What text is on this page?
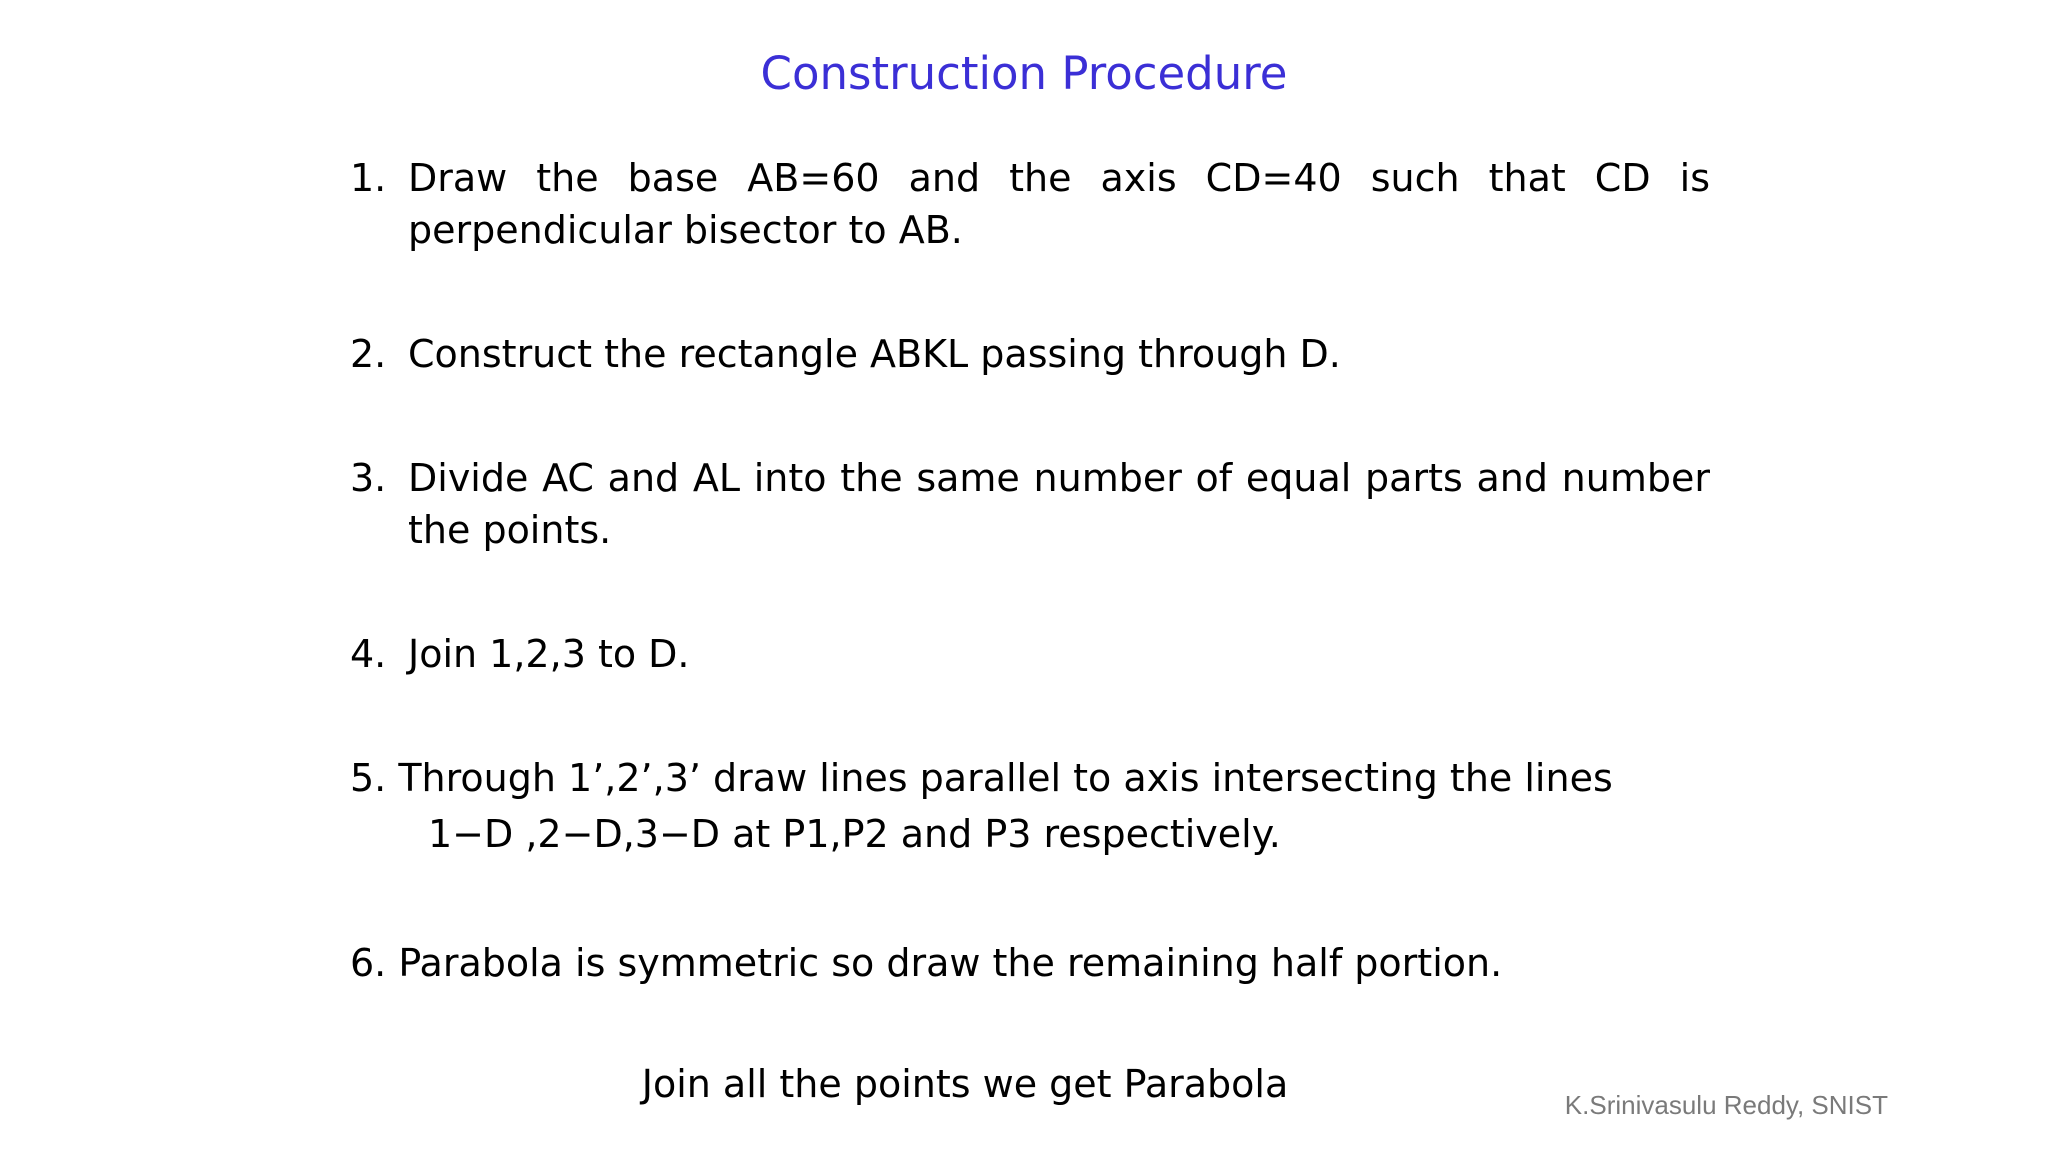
Construction Procedure
1. Draw the base AB=60 and the axis CD=40 such that CD is perpendicular bisector to AB.
2. Construct the rectangle ABKL passing through D.
3. Divide AC and AL into the same number of equal parts and number the points.
4. Join 1,2,3 to D.
5. Through 1’,2’,3’ draw lines parallel to axis intersecting the lines
1−D ,2−D,3−D at P1,P2 and P3 respectively.
6. Parabola is symmetric so draw the remaining half portion.
Join all the points we get Parabola	K.Srinivasulu Reddy, SNIST
